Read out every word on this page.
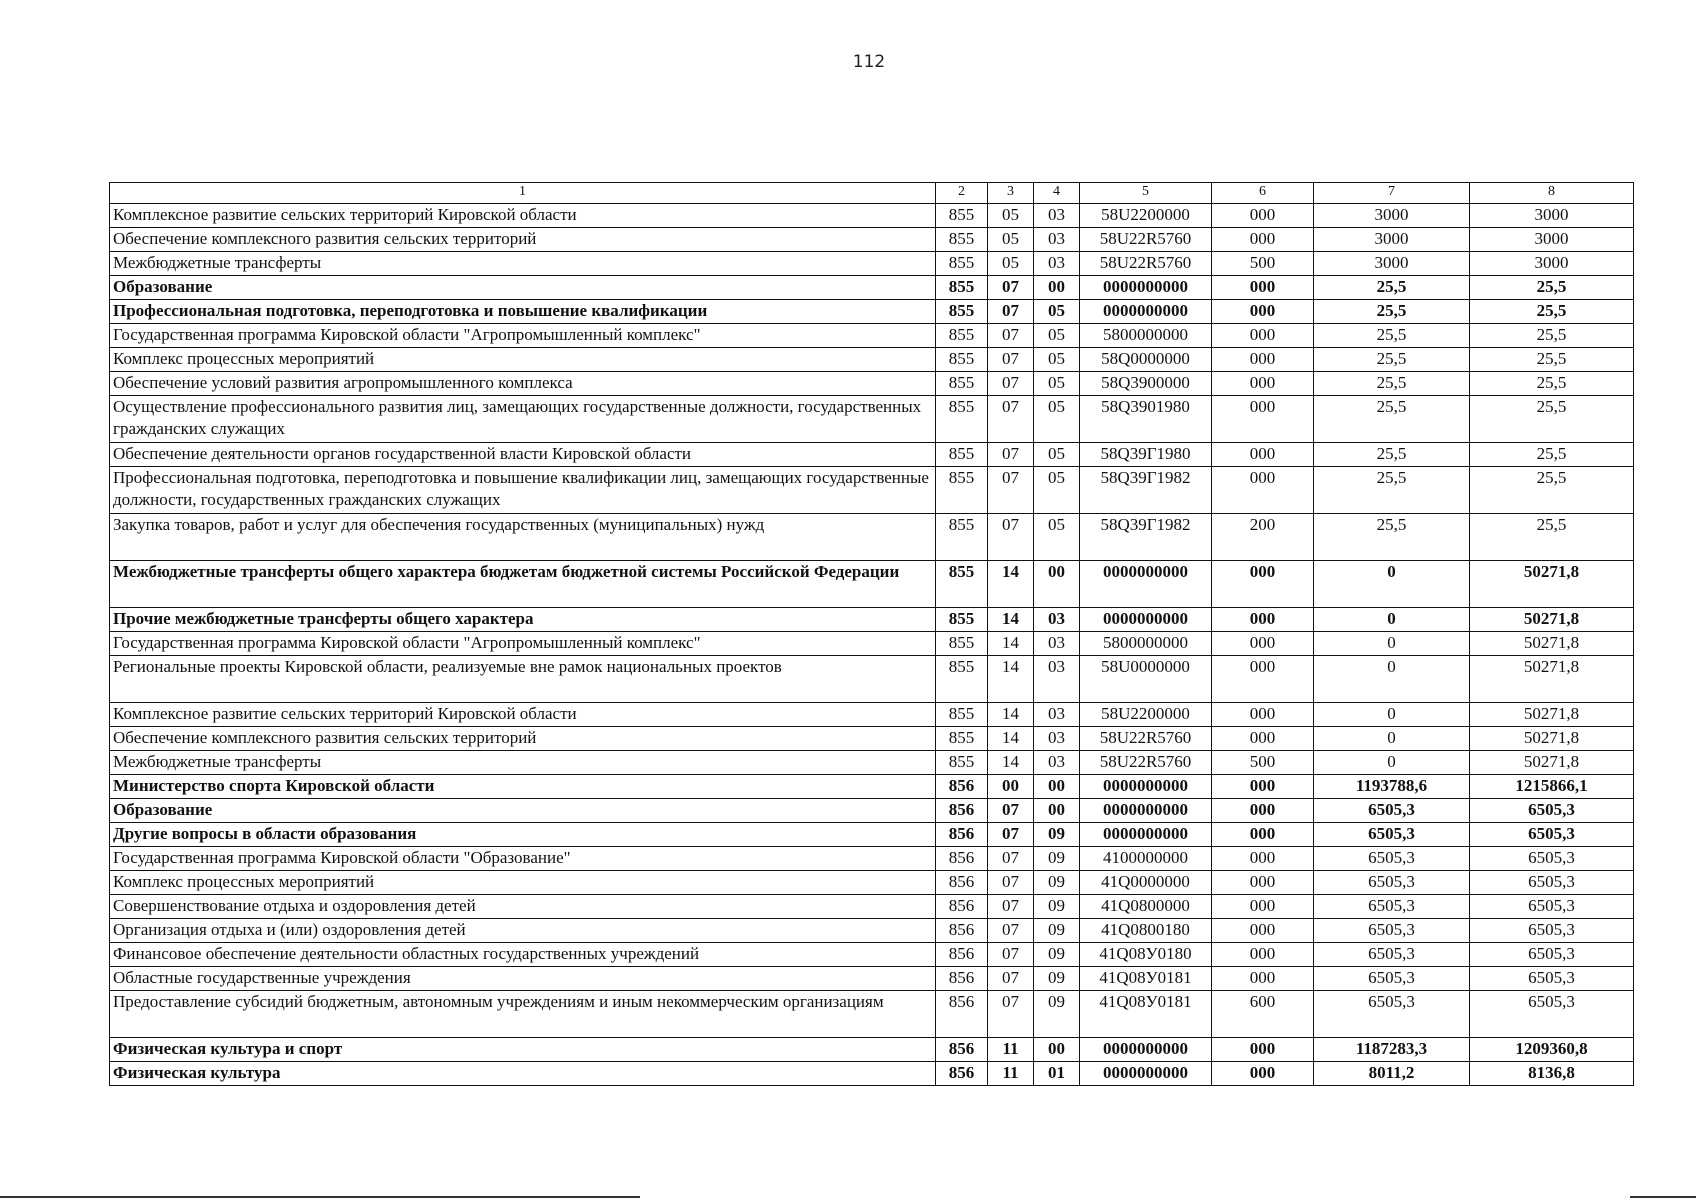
112
1	2	3	4	5	6	7	8
Комплексное развитие сельских территорий Кировской области	855	05	03	58U2200000	000	3000	3000
Обеспечение комплексного развития сельских территорий	855	05	03	58U22R5760	000	3000	3000
Межбюджетные трансферты	855	05	03	58U22R5760	500	3000	3000
Образование	855	07	00	0000000000	000	25,5	25,5
Профессиональная подготовка, переподготовка и повышение квалификации	855	07	05	0000000000	000	25,5	25,5
Государственная программа Кировской области "Агропромышленный комплекс"	855	07	05	5800000000	000	25,5	25,5
Комплекс процессных мероприятий	855	07	05	58Q0000000	000	25,5	25,5
Обеспечение условий развития агропромышленного комплекса	855	07	05	58Q3900000	000	25,5	25,5
Осуществление профессионального развития лиц, замещающих государственные должности, государственных гражданских служащих	855	07	05	58Q3901980	000	25,5	25,5
Обеспечение деятельности органов государственной власти Кировской области	855	07	05	58Q39Г1980	000	25,5	25,5
Профессиональная подготовка, переподготовка и повышение квалификации лиц, замещающих государственные должности, государственных гражданских служащих	855	07	05	58Q39Г1982	000	25,5	25,5
Закупка товаров, работ и услуг для обеспечения государственных (муниципальных) нужд	855	07	05	58Q39Г1982	200	25,5	25,5
Межбюджетные трансферты общего характера бюджетам бюджетной системы Российской Федерации	855	14	00	0000000000	000	0	50271,8
Прочие межбюджетные трансферты общего характера	855	14	03	0000000000	000	0	50271,8
Государственная программа Кировской области "Агропромышленный комплекс"	855	14	03	5800000000	000	0	50271,8
Региональные проекты Кировской области, реализуемые вне рамок национальных проектов	855	14	03	58U0000000	000	0	50271,8
Комплексное развитие сельских территорий Кировской области	855	14	03	58U2200000	000	0	50271,8
Обеспечение комплексного развития сельских территорий	855	14	03	58U22R5760	000	0	50271,8
Межбюджетные трансферты	855	14	03	58U22R5760	500	0	50271,8
Министерство спорта Кировской области	856	00	00	0000000000	000	1193788,6	1215866,1
Образование	856	07	00	0000000000	000	6505,3	6505,3
Другие вопросы в области образования	856	07	09	0000000000	000	6505,3	6505,3
Государственная программа Кировской области "Образование"	856	07	09	4100000000	000	6505,3	6505,3
Комплекс процессных мероприятий	856	07	09	41Q0000000	000	6505,3	6505,3
Совершенствование отдыха и оздоровления детей	856	07	09	41Q0800000	000	6505,3	6505,3
Организация отдыха и (или) оздоровления детей	856	07	09	41Q0800180	000	6505,3	6505,3
Финансовое обеспечение деятельности областных государственных учреждений	856	07	09	41Q08У0180	000	6505,3	6505,3
Областные государственные учреждения	856	07	09	41Q08У0181	000	6505,3	6505,3
Предоставление субсидий бюджетным, автономным учреждениям и иным некоммерческим организациям	856	07	09	41Q08У0181	600	6505,3	6505,3
Физическая культура и спорт	856	11	00	0000000000	000	1187283,3	1209360,8
Физическая культура	856	11	01	0000000000	000	8011,2	8136,8
